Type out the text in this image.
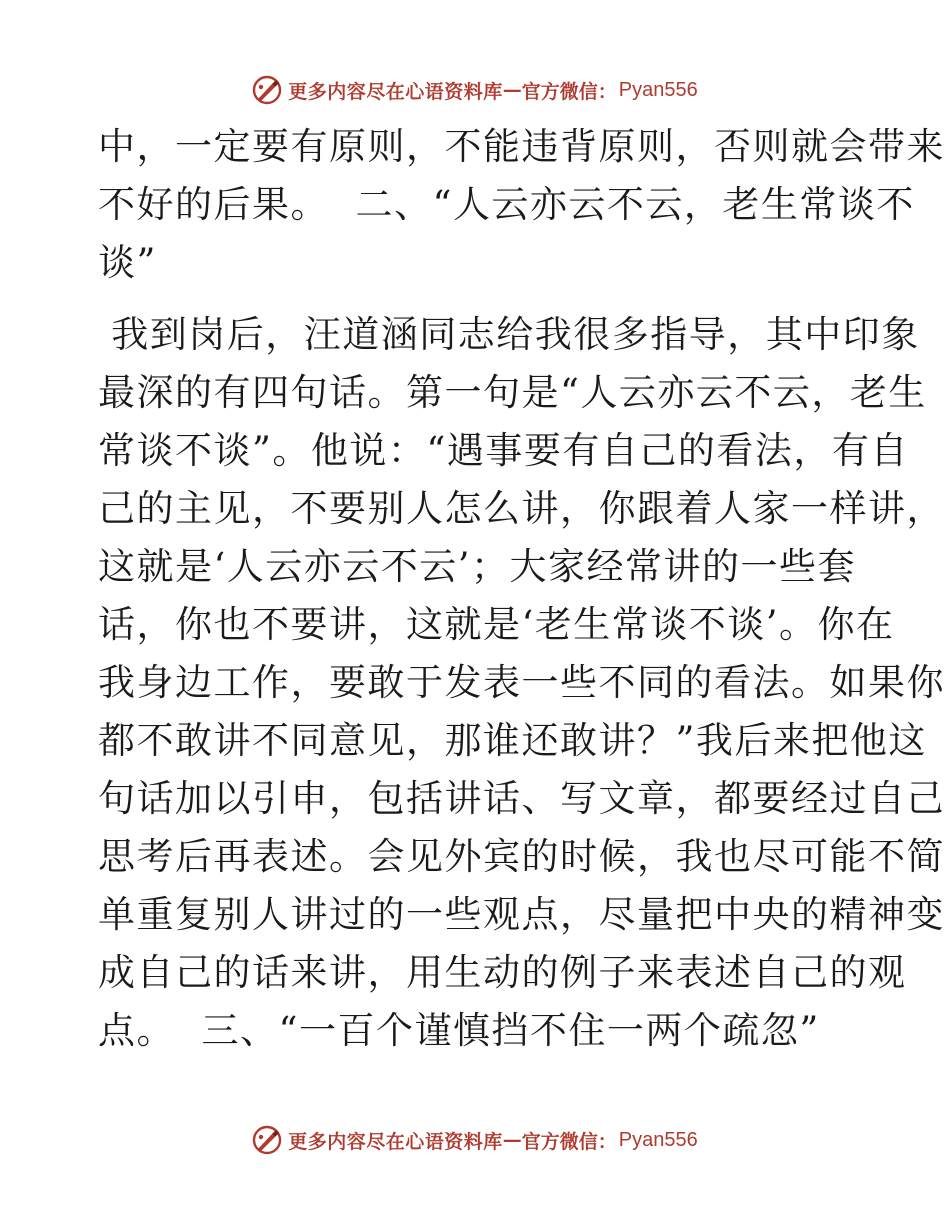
更多内容尽在心语资料库 — 官方微信： Pyan556

中，一定要有原则，不能违背原则，否则就会带来
不好的后果。  二、“人云亦云不云，老生常谈不
谈”

我到岗后，汪道涵同志给我很多指导，其中印象
最深的有四句话。第一句是“人云亦云不云，老生
常谈不谈”。他说：“遇事要有自己的看法，有自
己的主见，不要别人怎么讲，你跟着人家一样讲，
这就是‘人云亦云不云’；大家经常讲的一些套
话，你也不要讲，这就是‘老生常谈不谈’。你在
我身边工作，要敢于发表一些不同的看法。如果你
都不敢讲不同意见，那谁还敢讲？”我后来把他这
句话加以引申，包括讲话、写文章，都要经过自己
思考后再表述。会见外宾的时候，我也尽可能不简
单重复别人讲过的一些观点，尽量把中央的精神变
成自己的话来讲，用生动的例子来表述自己的观
点。  三、“一百个谨慎挡不住一两个疏忽”

更多内容尽在心语资料库 — 官方微信： Pyan556
